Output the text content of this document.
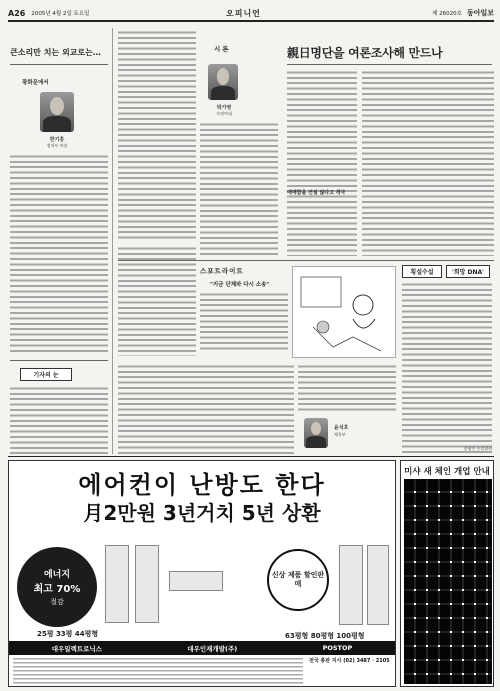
A26 2005년 4월 2일 토요일	오피니언	제 26020호 동아일보
큰소리만 치는 외교로는…
광화문에서
한기흥
정치부 차장
기자의 눈
시론
박가영
숙명여대
親日명단을 여론조사해 만드나
애매함을 건설 않다고 적극
횡설수설	'희망 DNA'
송평인 논설위원
스포트라이트
"지금 단체와 다시 소송"
윤석호
체육부
에어컨이 난방도 한다
月2만원 3년거치 5년 상환
에너지
최고 70%
절감
신상 제품 할인판매
25평 33평 44평형	63평형 80평형 100평형
대우일렉트로닉스	대우인재개발(주)	POSTOP
전국 총판 지사 (02) 3487 · 2105
미샤 새 체인 개업 안내
